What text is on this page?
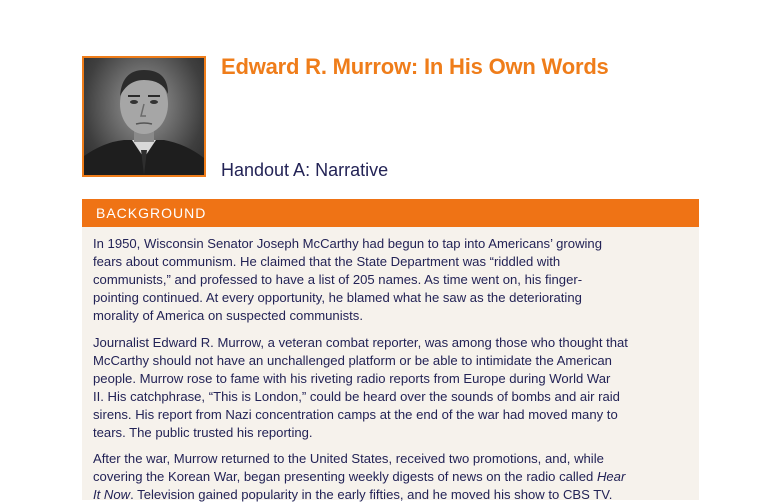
Edward R. Murrow: In His Own Words
Handout A: Narrative
BACKGROUND

In 1950, Wisconsin Senator Joseph McCarthy had begun to tap into Americans’ growing
fears about communism. He claimed that the State Department was “riddled with
communists,” and professed to have a list of 205 names. As time went on, his finger-
pointing continued. At every opportunity, he blamed what he saw as the deteriorating
morality of America on suspected communists.

Journalist Edward R. Murrow, a veteran combat reporter, was among those who thought that
McCarthy should not have an unchallenged platform or be able to intimidate the American
people. Murrow rose to fame with his riveting radio reports from Europe during World War
II. His catchphrase, “This is London,” could be heard over the sounds of bombs and air raid
sirens. His report from Nazi concentration camps at the end of the war had moved many to
tears. The public trusted his reporting.

After the war, Murrow returned to the United States, received two promotions, and, while
covering the Korean War, began presenting weekly digests of news on the radio called Hear
It Now. Television gained popularity in the early fifties, and he moved his show to CBS TV.
